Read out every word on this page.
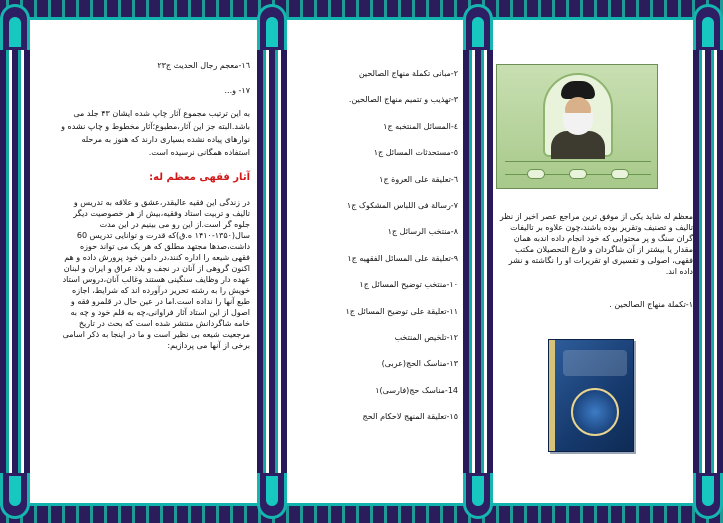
١٦-معجم رجال الحديث ج٢٣
١٧- و...
به این ترتیب مجموع آثار چاپ شده ایشان ۴۳ جلد می
باشد.البته جز این آثار،مطبوع؛آثار مخطوط و چاپ نشده و
نوارهای پیاده نشده بسیاری دارند که هنوز به مرحله
استفاده همگانی نرسیده است.
آثار فقهی معظم له:
در زندگی این فقیه عالیقدر،عشق و علاقه به تدریس و
تالیف و تربیت استاد وفقیه،بیش از هر خصوصیت دیگر
جلوه گر است.از این رو می بینیم در این مدت
سال(۱۳۵۰-۱۴۱۰ ه.ق)که قدرت و توانایی تدریس 60
داشت،صدها مجتهد مطلق که هر یک می تواند حوزه
فقهی شیعه را اداره کنند،در دامن خود پرورش داده و هم
اکنون گروهی از آنان در نجف و بلاد عراق و ایران و لبنان
عهده دار وظایف سنگینی هستند وغالب آنان،دروس استاد
خویش را به رشته تحریر درآورده اند که شرایط، اجازه
طبع آنها را نداده است.اما در عین حال در قلمرو فقه و
اصول از این استاد آثار فراوانی،چه به قلم خود و چه به
خامه شاگردانش منتشر شده است که بحث در تاریخ
مرجعیت شیعه بی نظیر است و ما در اینجا به ذکر اسامی
برخی از آنها می پردازیم:
٢-مبانی تکملة منهاج الصالحین
٣-تهذیب و تتمیم منهاج الصالحین.
٤-المسائل المنتخبه ج١
٥-مستحدثات المسائل ج١
٦-تعلیقة علی العروة ج١
٧-رسالة فی اللباس المشکوک ج١
٨-منتخب الرسائل ج١
٩-تعلیقة علی المسائل الفقهیه ج١
١٠-منتخب توضیح المسائل ج١
١١-تعلیقة علی توضیح المسائل ج١
١٢-تلخیص المنتخب
١٣-مناسک الحج(عربی)
14-مناسک حج(فارسی)١
١٥-تعلیقة المنهج لاحکام الحج
معظم له شاید یکی از موفق ترین مراجع عصر اخیر از نظر
تالیف و تصنیف وتقریر بوده باشند،چون علاوه بر تالیفات
گران سنگ و پر محتوایی که خود انجام داده اندبه همان
مقدار یا بیشتر از آن شاگردان و فارغ التحصیلان مکتب
فقهی، اصولی و تفسیری او تقریرات او را نگاشته و نشر
داده اند.
١-تکملة منهاج الصالحین .
